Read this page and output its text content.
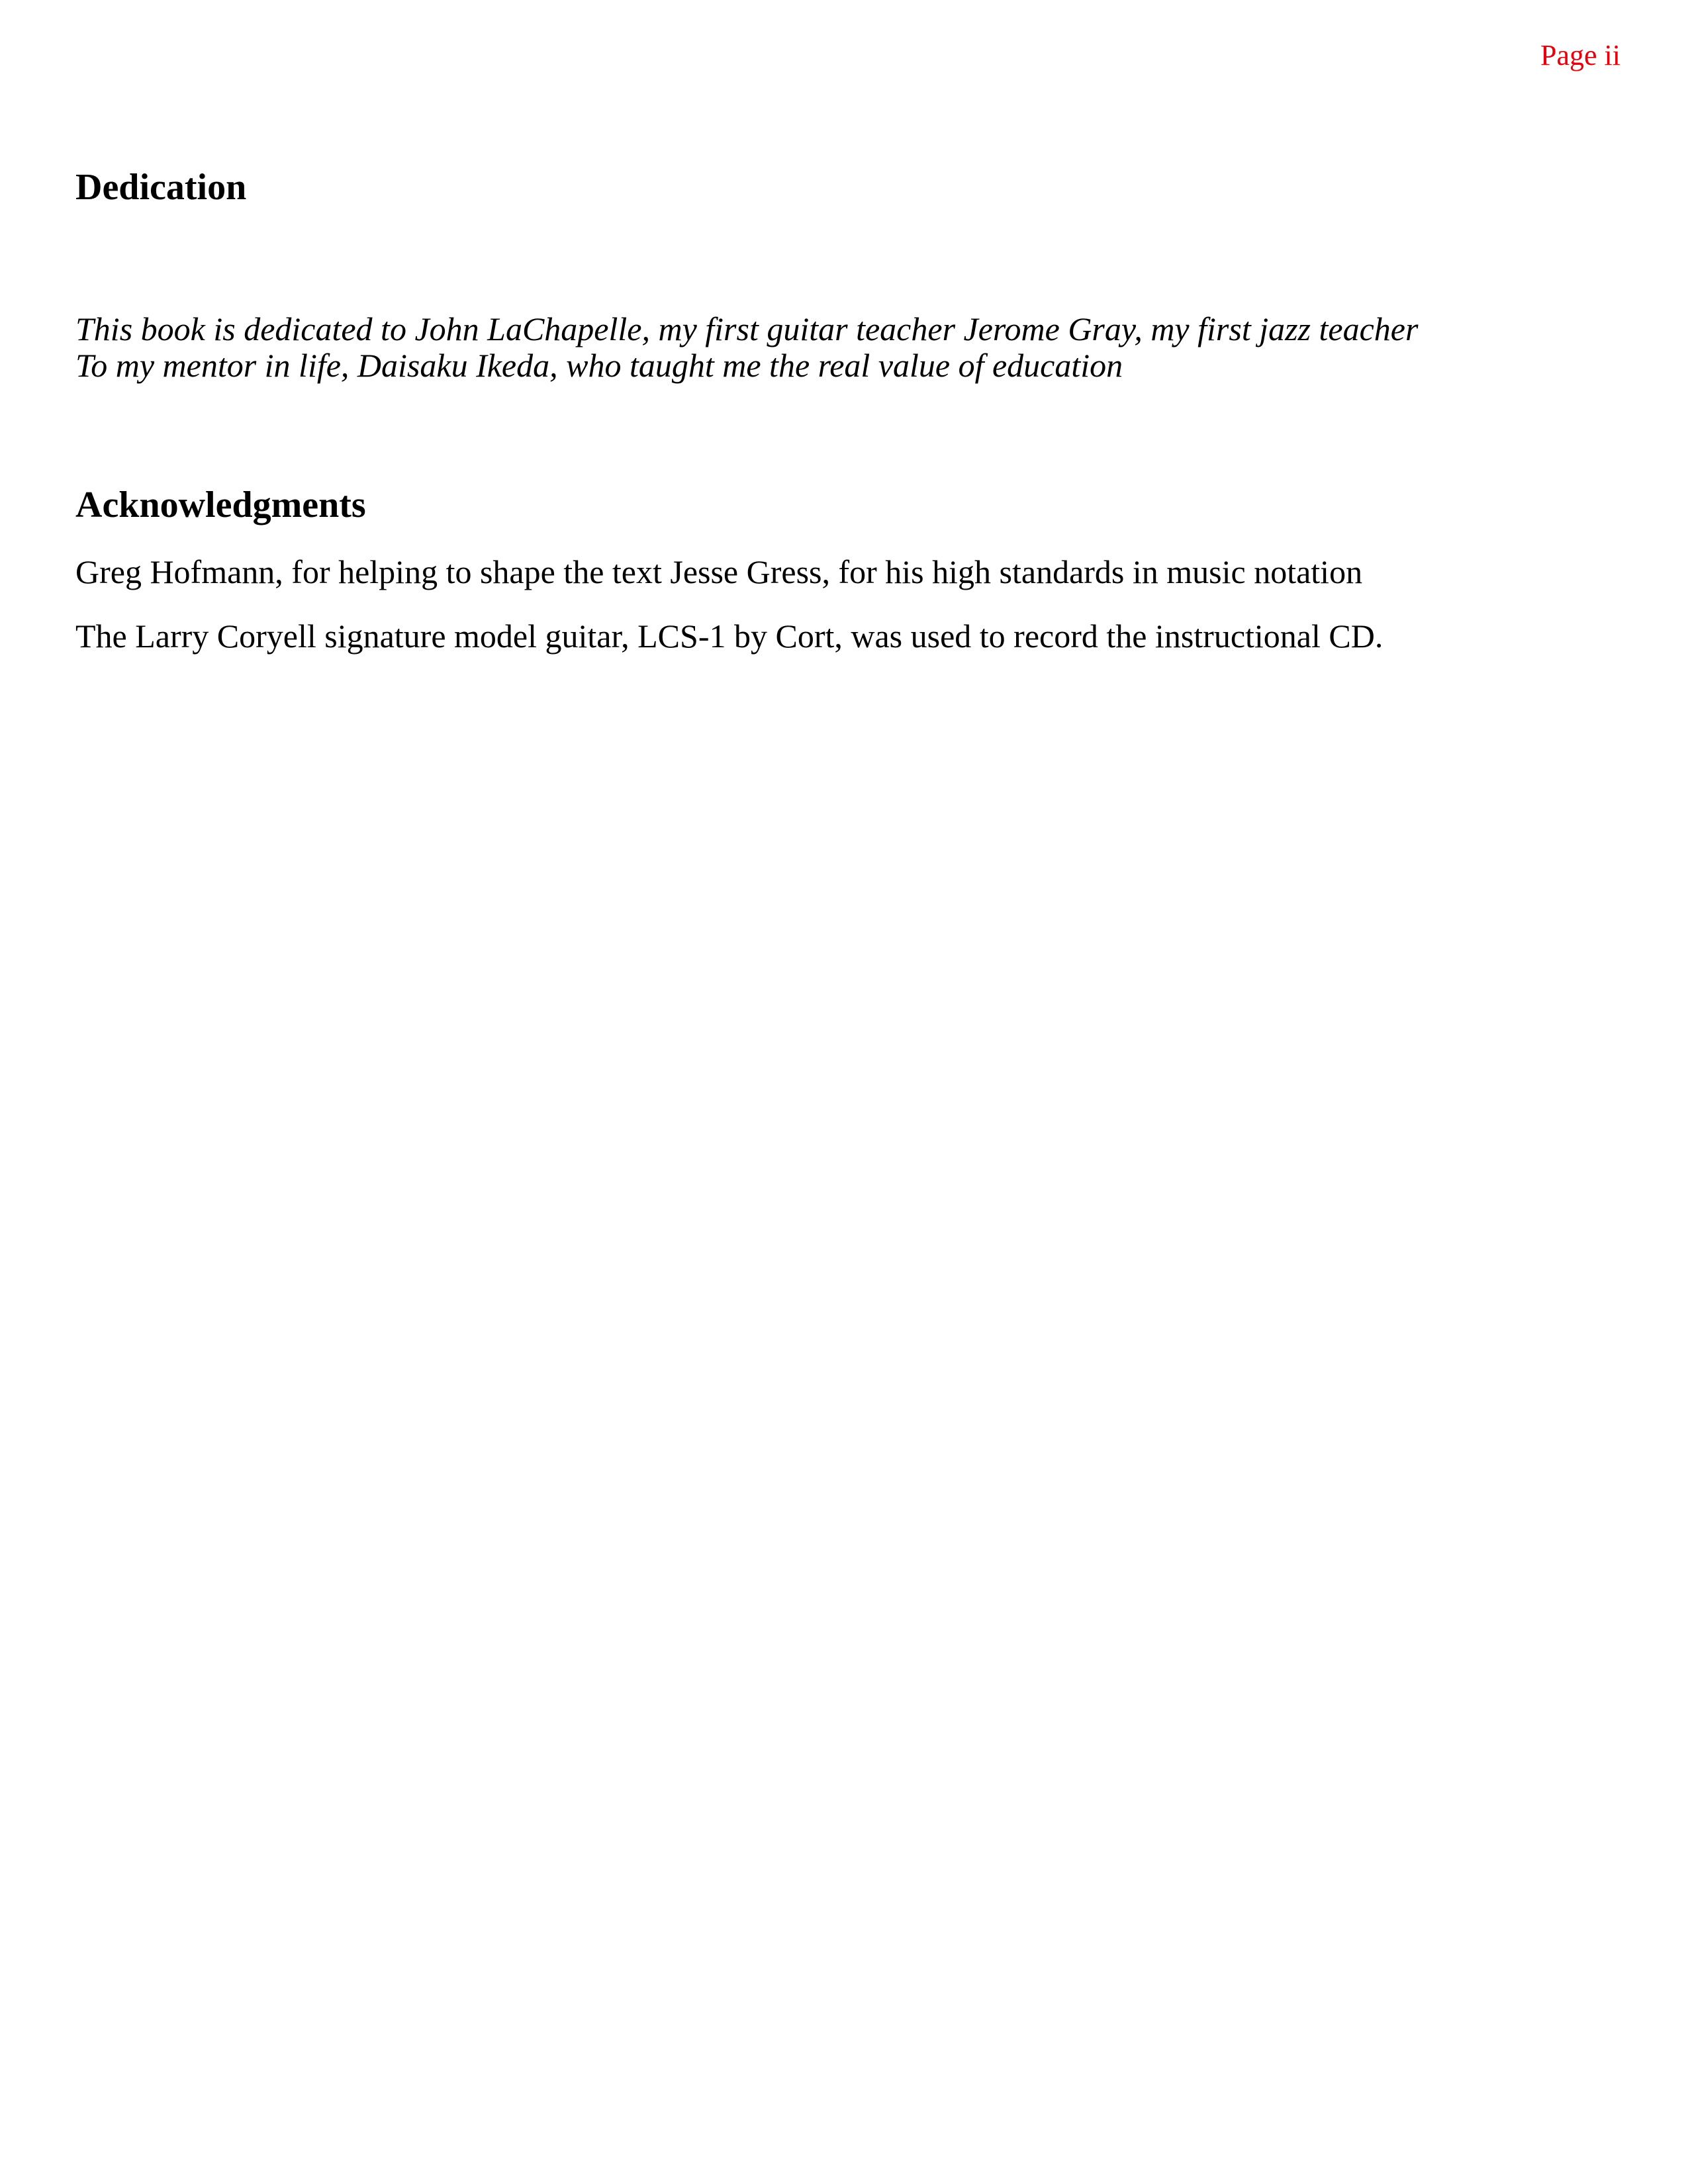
Page ii
Dedication
This book is dedicated to John LaChapelle, my first guitar teacher Jerome Gray, my first jazz teacher
To my mentor in life, Daisaku Ikeda, who taught me the real value of education
Acknowledgments

Greg Hofmann, for helping to shape the text Jesse Gress, for his high standards in music notation

The Larry Coryell signature model guitar, LCS-1 by Cort, was used to record the instructional CD.
